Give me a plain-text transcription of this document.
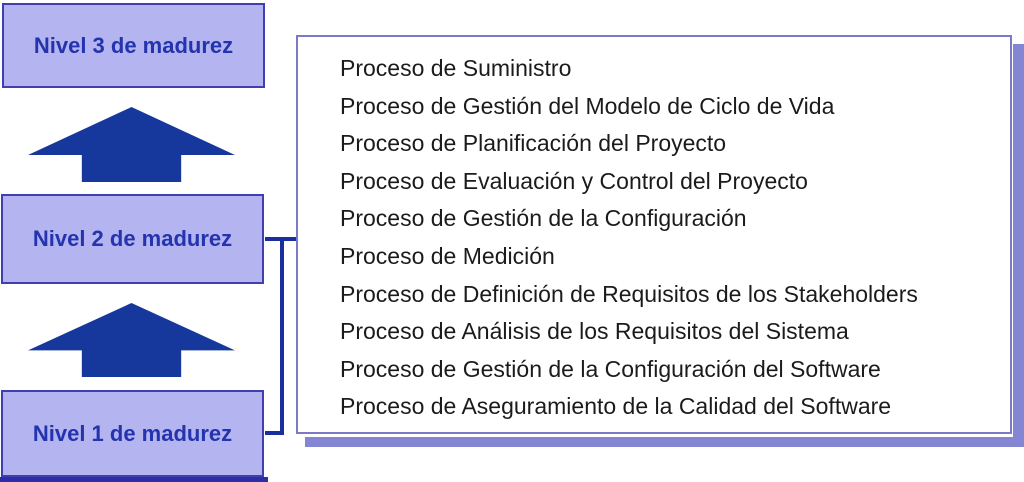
Nivel 3 de madurez
Nivel 2 de madurez
Nivel 1 de madurez
Proceso de Suministro
Proceso de Gestión del Modelo de Ciclo de Vida
Proceso de Planificación del Proyecto
Proceso de Evaluación y Control del Proyecto
Proceso de Gestión de la Configuración
Proceso de Medición
Proceso de Definición de Requisitos de los Stakeholders
Proceso de Análisis de los Requisitos del Sistema
Proceso de Gestión de la Configuración del Software
Proceso de Aseguramiento de la Calidad del Software
